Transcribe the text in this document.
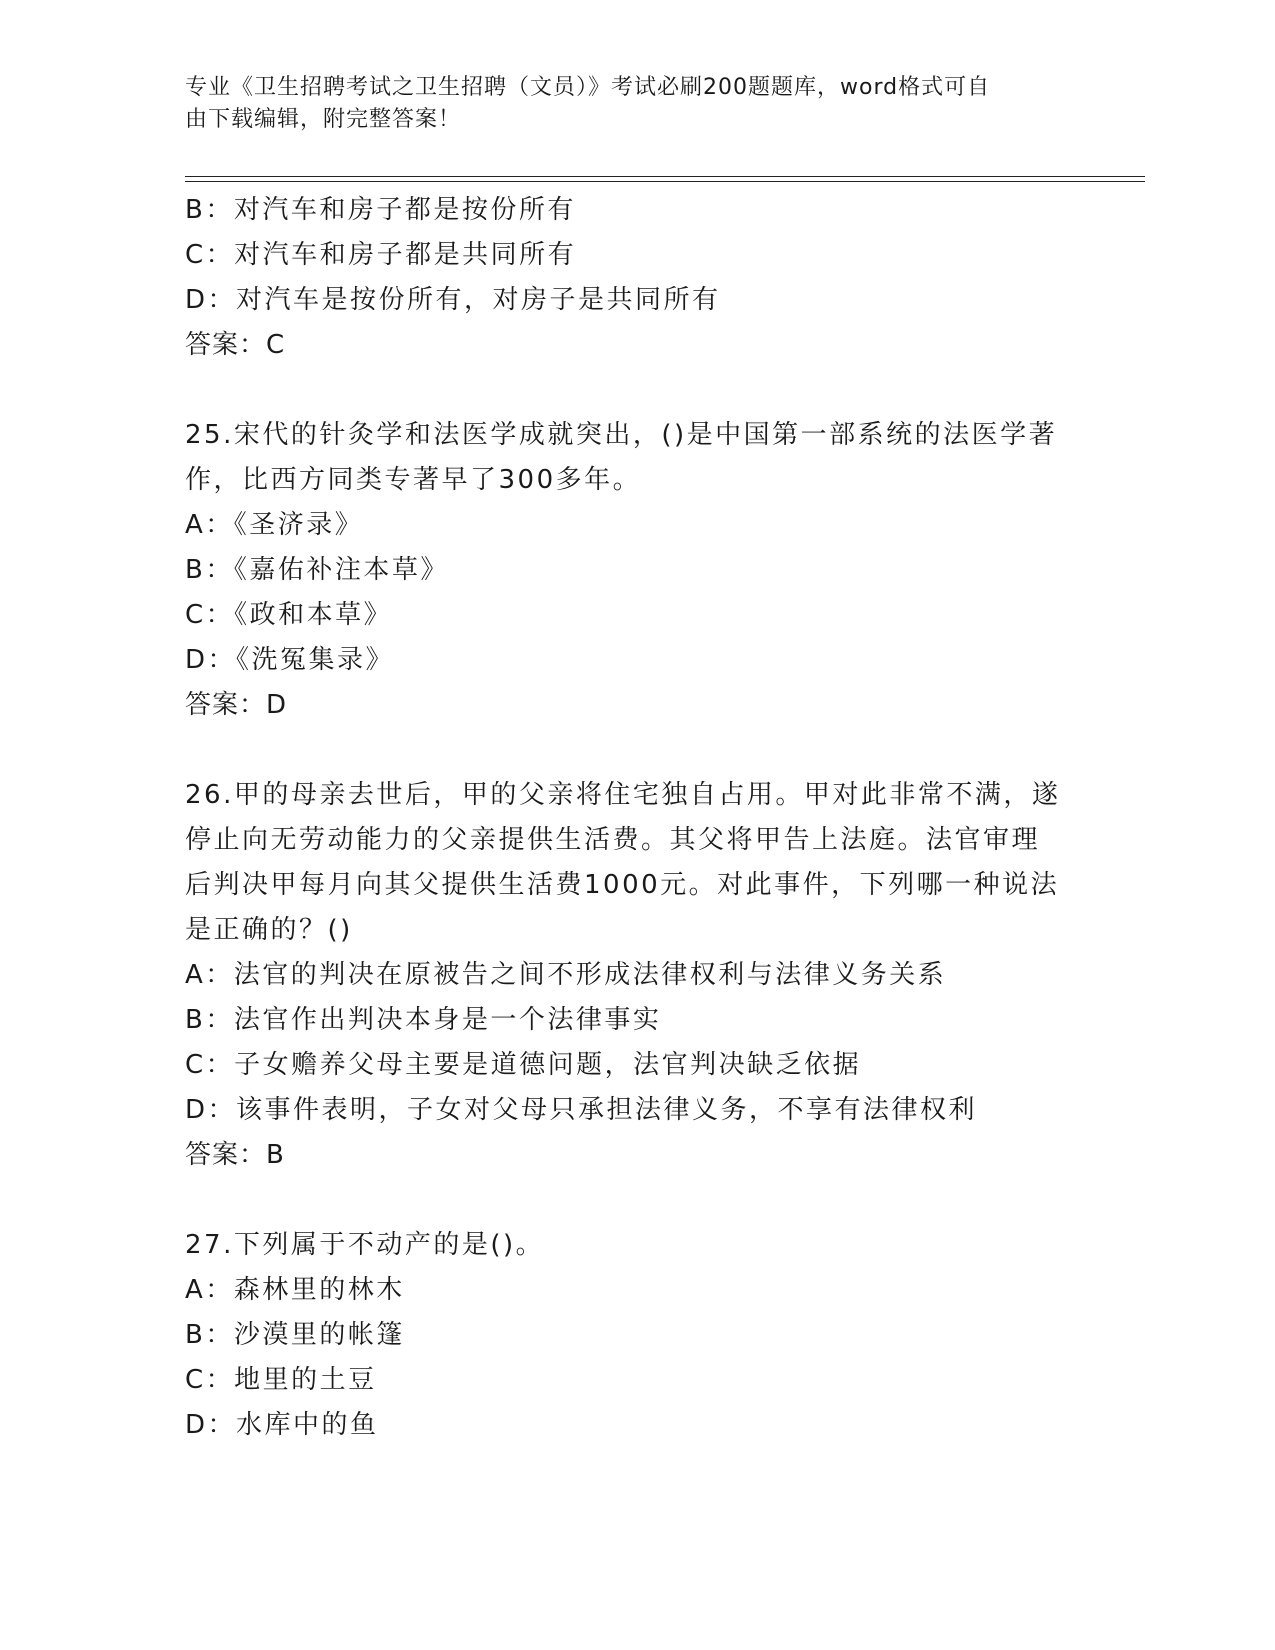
专业《卫生招聘考试之卫生招聘（文员）》考试必刷200题题库，word格式可自
由下载编辑，附完整答案！
B：对汽车和房子都是按份所有
C：对汽车和房子都是共同所有
D：对汽车是按份所有，对房子是共同所有
答案：C
25.宋代的针灸学和法医学成就突出，()是中国第一部系统的法医学著
作，比西方同类专著早了300多年。
A：《圣济录》
B：《嘉佑补注本草》
C：《政和本草》
D：《洗冤集录》
答案：D
26.甲的母亲去世后，甲的父亲将住宅独自占用。甲对此非常不满，遂
停止向无劳动能力的父亲提供生活费。其父将甲告上法庭。法官审理
后判决甲每月向其父提供生活费1000元。对此事件，下列哪一种说法
是正确的？()
A：法官的判决在原被告之间不形成法律权利与法律义务关系
B：法官作出判决本身是一个法律事实
C：子女赡养父母主要是道德问题，法官判决缺乏依据
D：该事件表明，子女对父母只承担法律义务，不享有法律权利
答案：B
27.下列属于不动产的是()。
A：森林里的林木
B：沙漠里的帐篷
C：地里的土豆
D：水库中的鱼
